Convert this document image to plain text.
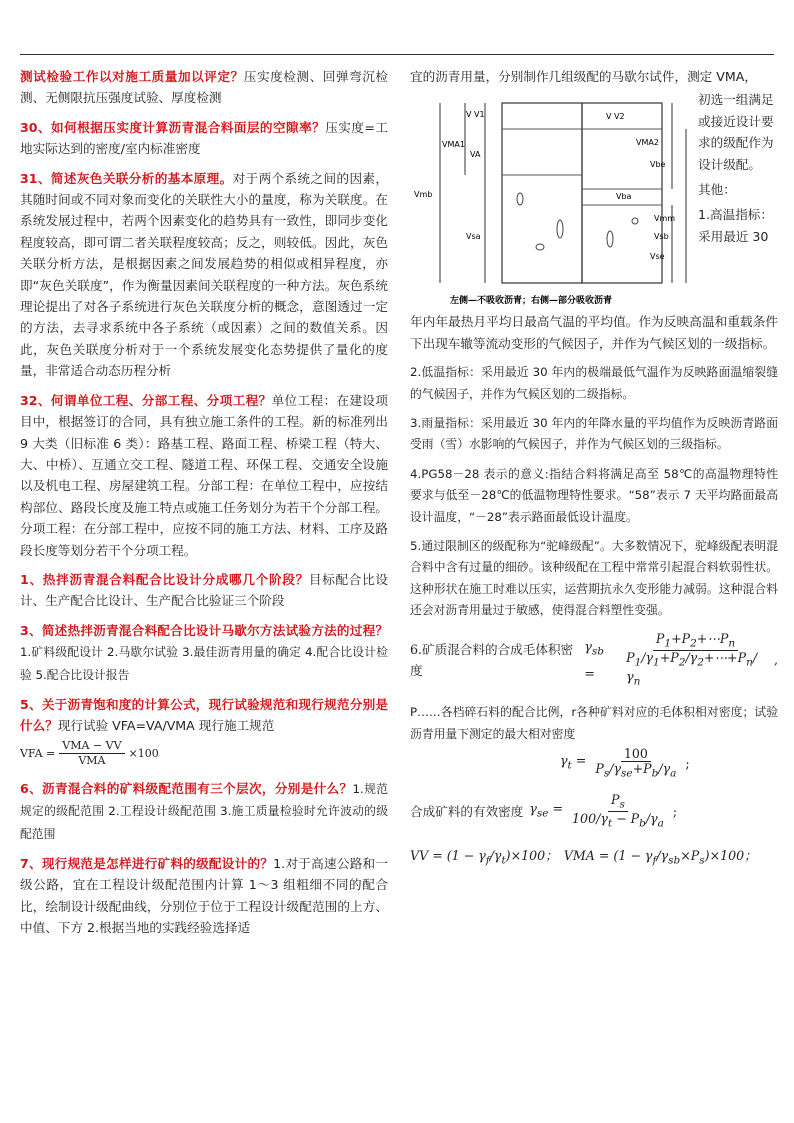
测试检验工作以对施工质量加以评定？压实度检测、回弹弯沉检测、无侧限抗压强度试验、厚度检测

30、如何根据压实度计算沥青混合料面层的空隙率？压实度=工地实际达到的密度/室内标准密度

31、简述灰色关联分析的基本原理。对于两个系统之间的因素，其随时间或不同对象而变化的关联性大小的量度，称为关联度。在系统发展过程中，若两个因素变化的趋势具有一致性，即同步变化程度较高，即可谓二者关联程度较高；反之，则较低。因此，灰色关联分析方法，是根据因素之间发展趋势的相似或相异程度，亦即“灰色关联度”，作为衡量因素间关联程度的一种方法。灰色系统理论提出了对各子系统进行灰色关联度分析的概念，意图透过一定的方法，去寻求系统中各子系统（或因素）之间的数值关系。因此，灰色关联度分析对于一个系统发展变化态势提供了量化的度量，非常适合动态历程分析

32、何谓单位工程、分部工程、分项工程？单位工程：在建设项目中，根据签订的合同，具有独立施工条件的工程。新的标准列出 9 大类（旧标准 6 类）：路基工程、路面工程、桥梁工程（特大、大、中桥）、互通立交工程、隧道工程、环保工程、交通安全设施以及机电工程、房屋建筑工程。分部工程：在单位工程中，应按结构部位、路段长度及施工特点或施工任务划分为若干个分部工程。分项工程：在分部工程中，应按不同的施工方法、材料、工序及路段长度等划分若干个分项工程。

1、热拌沥青混合料配合比设计分成哪几个阶段？目标配合比设计、生产配合比设计、生产配合比验证三个阶段

3、简述热拌沥青混合料配合比设计马歇尔方法试验方法的过程？1.矿料级配设计 2.马歇尔试验 3.最佳沥青用量的确定 4.配合比设计检验 5.配合比设计报告

5、关于沥青饱和度的计算公式，现行试验规范和现行规范分别是什么？现行试验 VFA=VA/VMA 现行施工规范

VFA = $\frac{\text{VMA − VV}}{\text{VMA}} \times 100$

6、沥青混合料的矿料级配范围有三个层次，分别是什么？1.规范规定的级配范围 2.工程设计级配范围 3.施工质量检验时允许波动的级配范围

7、现行规范是怎样进行矿料的级配设计的？1.对于高速公路和一级公路，宜在工程设计级配范围内计算 1～3 组粗细不同的配合比，绘制设计级配曲线，分别位于位于工程设计级配范围的上方、中值、下方 2.根据当地的实践经验选择适

宜的沥青用量，分别制作几组级配的马歇尔试件，测定 VMA，

V V1
VMA1
VA
Vmb
Vsa
V V2
VMA2
Vbe
Vba
Vmm
Vsb
Vse
左侧—不吸收沥青；右侧—部分吸收沥青
初选一组满足或接近设计要求的级配作为设计级配。
其他：
1.高温指标：采用最近 30

年内年最热月平均日最高气温的平均值。作为反映高温和重载条件下出现车辙等流动变形的气候因子，并作为气候区划的一级指标。

2.低温指标：采用最近 30 年内的极端最低气温作为反映路面温缩裂缝的气候因子，并作为气候区划的二级指标。

3.雨量指标：采用最近 30 年内的年降水量的平均值作为反映沥青路面受雨（雪）水影响的气候因子，并作为气候区划的三级指标。

4.PG58－28 表示的意义:指结合料将满足高至 58℃的高温物理特性要求与低至－28℃的低温物理特性要求。“58”表示 7 天平均路面最高设计温度，“－28”表示路面最低设计温度。

5.通过限制区的级配称为“驼峰级配”。大多数情况下，驼峰级配表明混合料中含有过量的细砂。该种级配在工程中常常引起混合料软弱性状。这种形状在施工时难以压实，运营期抗永久变形能力减弱。这种混合料还会对沥青用量过于敏感，使得混合料塑性变强。

6.矿质混合料的合成毛体积密度
$\gamma_{sb}$ =	$\frac{P_1+P_2+\cdots P_n}{P_1/\gamma_1+P_2/\gamma_2+\cdots+P_n/\gamma_n}$ ,

P……各档碎石料的配合比例，r各种矿料对应的毛体积相对密度；试验沥青用量下测定的最大相对密度

$\gamma_t = \frac{100}{P_s/\gamma_{se}+P_b/\gamma_a}$ ;
合成矿料的有效密度 $\gamma_{se} = \frac{P_s}{100/\gamma_t - P_b/\gamma_a}$ ;
VV = $(1 - \gamma_f/\gamma_t)\times 100$； VMA = $(1 - \gamma_f/\gamma_{sb}\times P_s)\times 100$；
